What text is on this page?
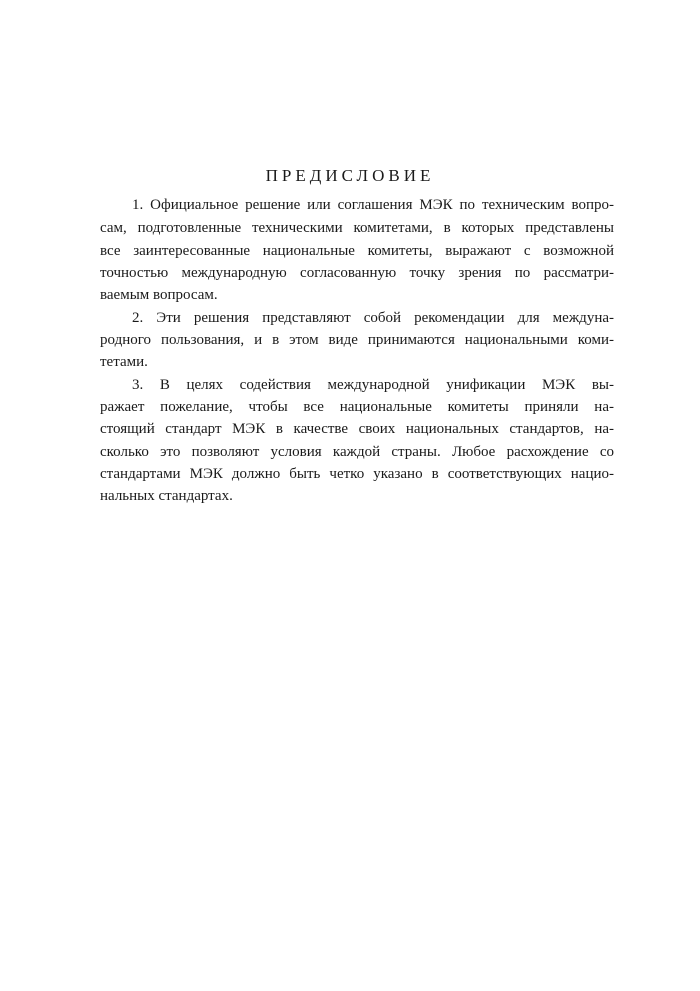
ПРЕДИСЛОВИЕ
1. Официальное решение или соглашения МЭК по техническим вопро-
сам, подготовленные техническими комитетами, в которых представлены
все заинтересованные национальные комитеты, выражают с возможной
точностью международную согласованную точку зрения по рассматри-
ваемым вопросам.
2. Эти решения представляют собой рекомендации для междуна-
родного пользования, и в этом виде принимаются национальными коми-
тетами.
3. В целях содействия международной унификации МЭК вы-
ражает пожелание, чтобы все национальные комитеты приняли на-
стоящий стандарт МЭК в качестве своих национальных стандартов, на-
сколько это позволяют условия каждой страны. Любое расхождение со
стандартами МЭК должно быть четко указано в соответствующих нацио-
нальных стандартах.
